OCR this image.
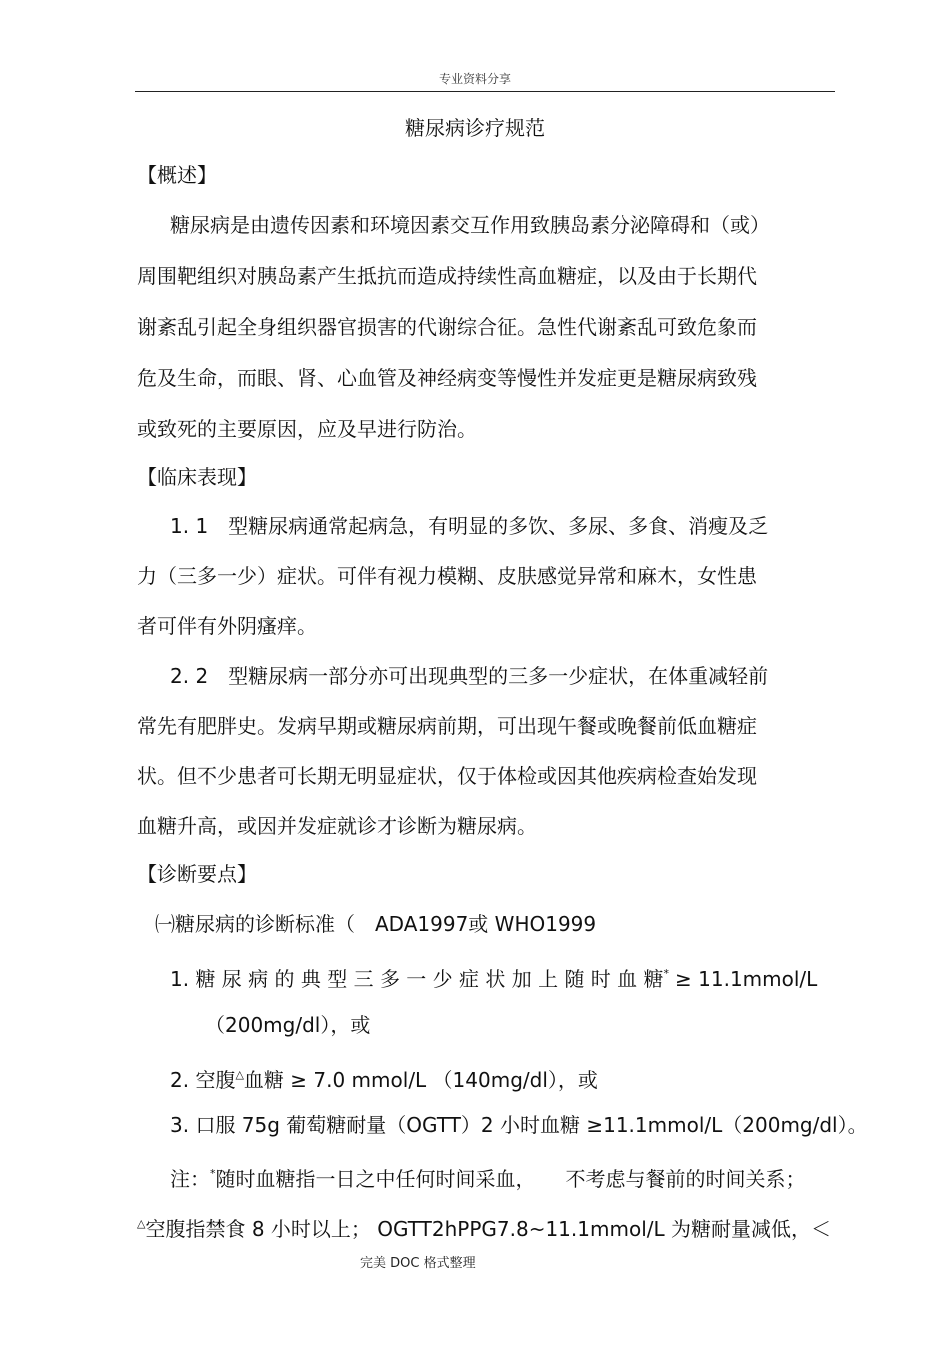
专业资料分享
糖尿病诊疗规范
【概述】
糖尿病是由遗传因素和环境因素交互作用致胰岛素分泌障碍和（或）
周围靶组织对胰岛素产生抵抗而造成持续性高血糖症，以及由于长期代
谢紊乱引起全身组织器官损害的代谢综合征。急性代谢紊乱可致危象而
危及生命，而眼、肾、心血管及神经病变等慢性并发症更是糖尿病致残
或致死的主要原因，应及早进行防治。
【临床表现】
1. 1　型糖尿病通常起病急，有明显的多饮、多尿、多食、消瘦及乏
力（三多一少）症状。可伴有视力模糊、皮肤感觉异常和麻木，女性患
者可伴有外阴瘙痒。
2. 2　型糖尿病一部分亦可出现典型的三多一少症状，在体重减轻前
常先有肥胖史。发病早期或糖尿病前期，可出现午餐或晚餐前低血糖症
状。但不少患者可长期无明显症状，仅于体检或因其他疾病检查始发现
血糖升高，或因并发症就诊才诊断为糖尿病。
【诊断要点】
㈠糖尿病的诊断标准（　ADA1997或 WHO1999
1. 糖 尿 病 的 典 型 三 多 一 少 症 状 加 上 随 时 血 糖* ≥ 11.1mmol/L
（200mg/dl），或
2. 空腹△血糖 ≥ 7.0 mmol/L （140mg/dl），或
3. 口服 75g 葡萄糖耐量（OGTT）2 小时血糖 ≥11.1mmol/L（200mg/dl）。
注：*随时血糖指一日之中任何时间采血，　　不考虑与餐前的时间关系；
△空腹指禁食 8 小时以上； OGTT2hPPG7.8~11.1mmol/L 为糖耐量减低，＜
完美 DOC 格式整理
